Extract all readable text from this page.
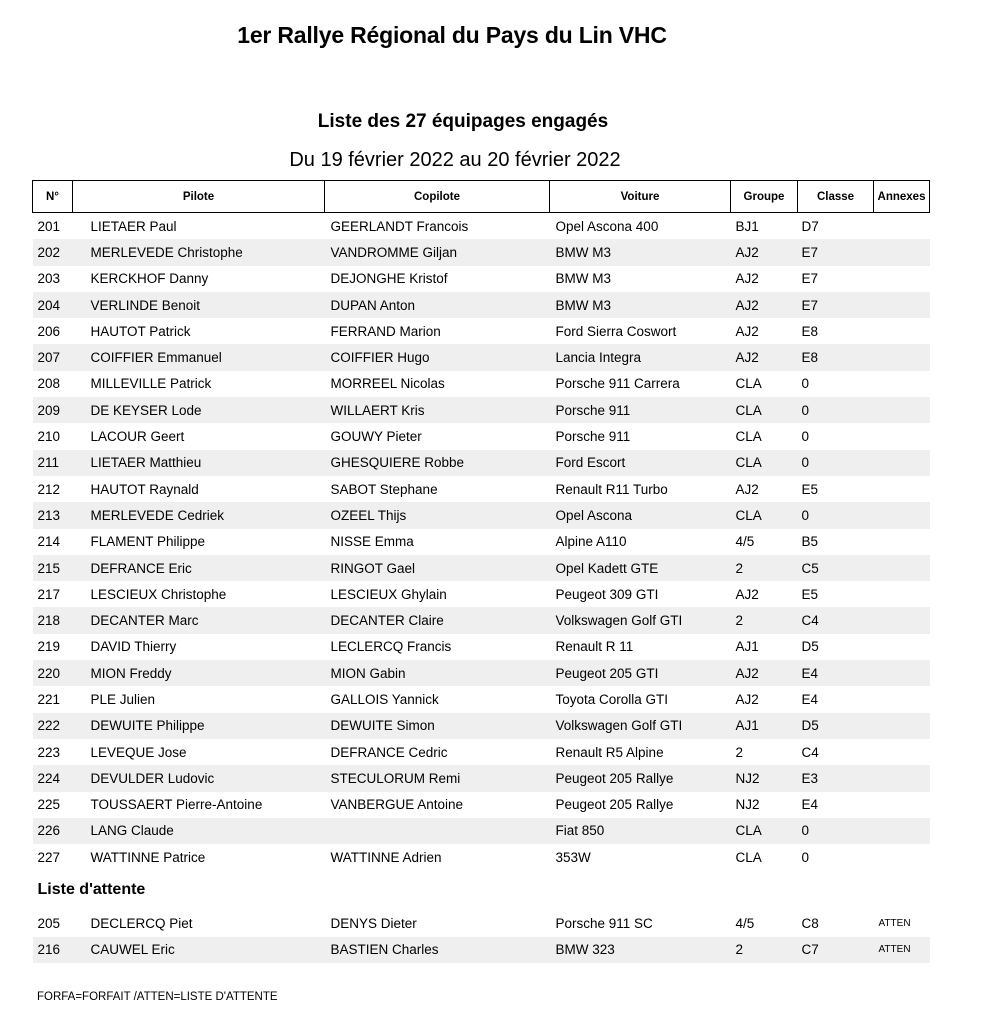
1er Rallye Régional du Pays du Lin VHC
Liste des 27 équipages engagés
Du 19 février 2022 au 20 février 2022
N°	Pilote	Copilote	Voiture	Groupe	Classe	Annexes
201	LIETAER Paul	GEERLANDT Francois	Opel Ascona 400	BJ1	D7	
202	MERLEVEDE Christophe	VANDROMME Giljan	BMW M3	AJ2	E7	
203	KERCKHOF Danny	DEJONGHE Kristof	BMW M3	AJ2	E7	
204	VERLINDE Benoit	DUPAN Anton	BMW M3	AJ2	E7	
206	HAUTOT Patrick	FERRAND Marion	Ford Sierra Coswort	AJ2	E8	
207	COIFFIER Emmanuel	COIFFIER Hugo	Lancia Integra	AJ2	E8	
208	MILLEVILLE Patrick	MORREEL Nicolas	Porsche 911 Carrera	CLA	0	
209	DE KEYSER Lode	WILLAERT Kris	Porsche 911	CLA	0	
210	LACOUR Geert	GOUWY Pieter	Porsche 911	CLA	0	
211	LIETAER Matthieu	GHESQUIERE Robbe	Ford Escort	CLA	0	
212	HAUTOT Raynald	SABOT Stephane	Renault R11 Turbo	AJ2	E5	
213	MERLEVEDE Cedriek	OZEEL Thijs	Opel Ascona	CLA	0	
214	FLAMENT Philippe	NISSE Emma	Alpine A110	4/5	B5	
215	DEFRANCE Eric	RINGOT Gael	Opel Kadett GTE	2	C5	
217	LESCIEUX Christophe	LESCIEUX Ghylain	Peugeot 309 GTI	AJ2	E5	
218	DECANTER Marc	DECANTER Claire	Volkswagen Golf GTI	2	C4	
219	DAVID Thierry	LECLERCQ Francis	Renault R 11	AJ1	D5	
220	MION Freddy	MION Gabin	Peugeot 205 GTI	AJ2	E4	
221	PLE Julien	GALLOIS Yannick	Toyota Corolla GTI	AJ2	E4	
222	DEWUITE Philippe	DEWUITE Simon	Volkswagen Golf GTI	AJ1	D5	
223	LEVEQUE Jose	DEFRANCE Cedric	Renault R5 Alpine	2	C4	
224	DEVULDER Ludovic	STECULORUM Remi	Peugeot 205 Rallye	NJ2	E3	
225	TOUSSAERT Pierre-Antoine	VANBERGUE Antoine	Peugeot 205 Rallye	NJ2	E4	
226	LANG Claude		Fiat 850	CLA	0	
227	WATTINNE Patrice	WATTINNE Adrien	353W	CLA	0	
Liste d'attente						
205	DECLERCQ Piet	DENYS Dieter	Porsche 911 SC	4/5	C8	ATTEN
216	CAUWEL Eric	BASTIEN Charles	BMW 323	2	C7	ATTEN
FORFA=FORFAIT /ATTEN=LISTE D'ATTENTE
